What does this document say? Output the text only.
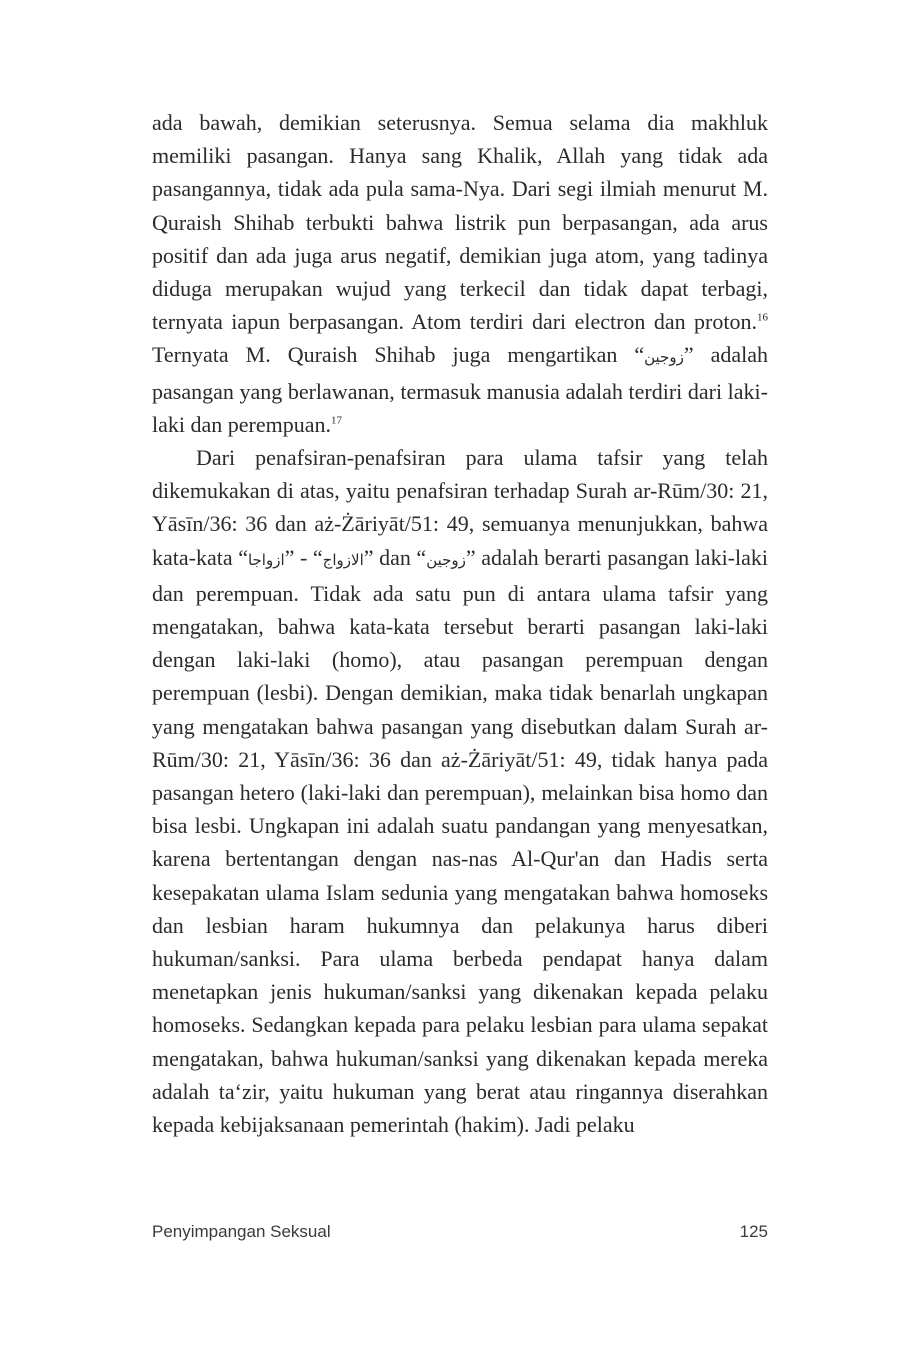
ada bawah, demikian seterusnya. Semua selama dia makhluk memiliki pasangan. Hanya sang Khalik, Allah yang tidak ada pasangannya, tidak ada pula sama-Nya. Dari segi ilmiah menurut M. Quraish Shihab terbukti bahwa listrik pun berpasangan, ada arus positif dan ada juga arus negatif, demikian juga atom, yang tadinya diduga merupakan wujud yang terkecil dan tidak dapat terbagi, ternyata iapun berpasangan. Atom terdiri dari electron dan proton.$^{16}$ Ternyata M. Quraish Shihab juga mengartikan “زوجين” adalah pasangan yang berlawanan, termasuk manusia adalah terdiri dari laki-laki dan perempuan.$^{17}$

Dari penafsiran-penafsiran para ulama tafsir yang telah dikemukakan di atas, yaitu penafsiran terhadap Surah ar-Rūm/30: 21, Yāsīn/36: 36 dan aż-Żāriyāt/51: 49, semuanya menunjukkan, bahwa kata-kata “ازواجا” - “الازواج” dan “زوجين” adalah berarti pasangan laki-laki dan perempuan. Tidak ada satu pun di antara ulama tafsir yang mengatakan, bahwa kata-kata tersebut berarti pasangan laki-laki dengan laki-laki (homo), atau pasangan perempuan dengan perempuan (lesbi). Dengan demikian, maka tidak benarlah ungkapan yang mengatakan bahwa pasangan yang disebutkan dalam Surah ar-Rūm/30: 21, Yāsīn/36: 36 dan aż-Żāriyāt/51: 49, tidak hanya pada pasangan hetero (laki-laki dan perempuan), melainkan bisa homo dan bisa lesbi. Ungkapan ini adalah suatu pandangan yang menyesatkan, karena bertentangan dengan nas-nas Al-Qur'an dan Hadis serta kesepakatan ulama Islam sedunia yang mengatakan bahwa homoseks dan lesbian haram hukumnya dan pelakunya harus diberi hukuman/sanksi. Para ulama berbeda pendapat hanya dalam menetapkan jenis hukuman/sanksi yang dikenakan kepada pelaku homoseks. Sedangkan kepada para pelaku lesbian para ulama sepakat mengatakan, bahwa hukuman/sanksi yang dikenakan kepada mereka adalah ta‘zir, yaitu hukuman yang berat atau ringannya diserahkan kepada kebijaksanaan pemerintah (hakim). Jadi pelaku

Penyimpangan Seksual	125
